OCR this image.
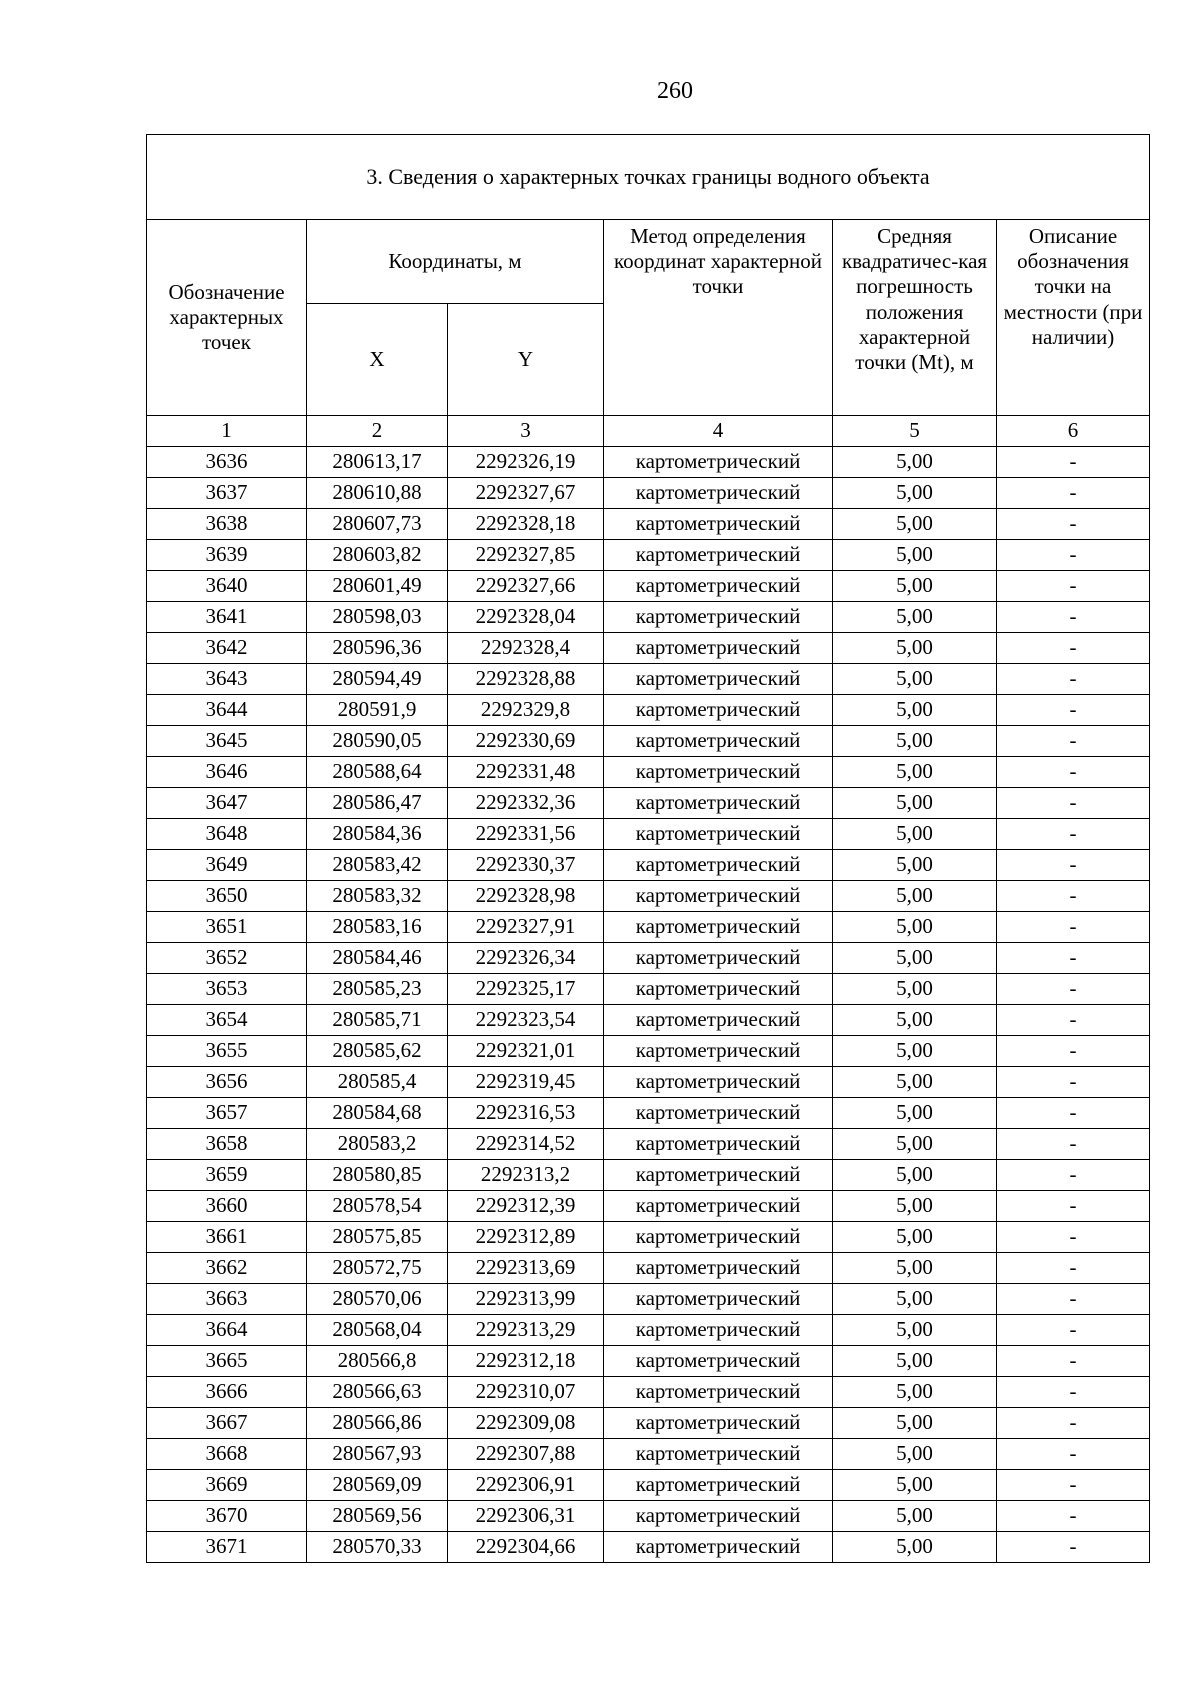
260
3. Сведения о характерных точках границы водного объекта					
Обозначение характерных точек	Координаты, м		Метод определения координат характерной точки	Средняя квадратичес-кая погрешность положения характерной точки (Mt), м	Описание обозначения точки на местности (при наличии)
	X	Y			
1	2	3	4	5	6
3636	280613,17	2292326,19	картометрический	5,00	-
3637	280610,88	2292327,67	картометрический	5,00	-
3638	280607,73	2292328,18	картометрический	5,00	-
3639	280603,82	2292327,85	картометрический	5,00	-
3640	280601,49	2292327,66	картометрический	5,00	-
3641	280598,03	2292328,04	картометрический	5,00	-
3642	280596,36	2292328,4	картометрический	5,00	-
3643	280594,49	2292328,88	картометрический	5,00	-
3644	280591,9	2292329,8	картометрический	5,00	-
3645	280590,05	2292330,69	картометрический	5,00	-
3646	280588,64	2292331,48	картометрический	5,00	-
3647	280586,47	2292332,36	картометрический	5,00	-
3648	280584,36	2292331,56	картометрический	5,00	-
3649	280583,42	2292330,37	картометрический	5,00	-
3650	280583,32	2292328,98	картометрический	5,00	-
3651	280583,16	2292327,91	картометрический	5,00	-
3652	280584,46	2292326,34	картометрический	5,00	-
3653	280585,23	2292325,17	картометрический	5,00	-
3654	280585,71	2292323,54	картометрический	5,00	-
3655	280585,62	2292321,01	картометрический	5,00	-
3656	280585,4	2292319,45	картометрический	5,00	-
3657	280584,68	2292316,53	картометрический	5,00	-
3658	280583,2	2292314,52	картометрический	5,00	-
3659	280580,85	2292313,2	картометрический	5,00	-
3660	280578,54	2292312,39	картометрический	5,00	-
3661	280575,85	2292312,89	картометрический	5,00	-
3662	280572,75	2292313,69	картометрический	5,00	-
3663	280570,06	2292313,99	картометрический	5,00	-
3664	280568,04	2292313,29	картометрический	5,00	-
3665	280566,8	2292312,18	картометрический	5,00	-
3666	280566,63	2292310,07	картометрический	5,00	-
3667	280566,86	2292309,08	картометрический	5,00	-
3668	280567,93	2292307,88	картометрический	5,00	-
3669	280569,09	2292306,91	картометрический	5,00	-
3670	280569,56	2292306,31	картометрический	5,00	-
3671	280570,33	2292304,66	картометрический	5,00	-
